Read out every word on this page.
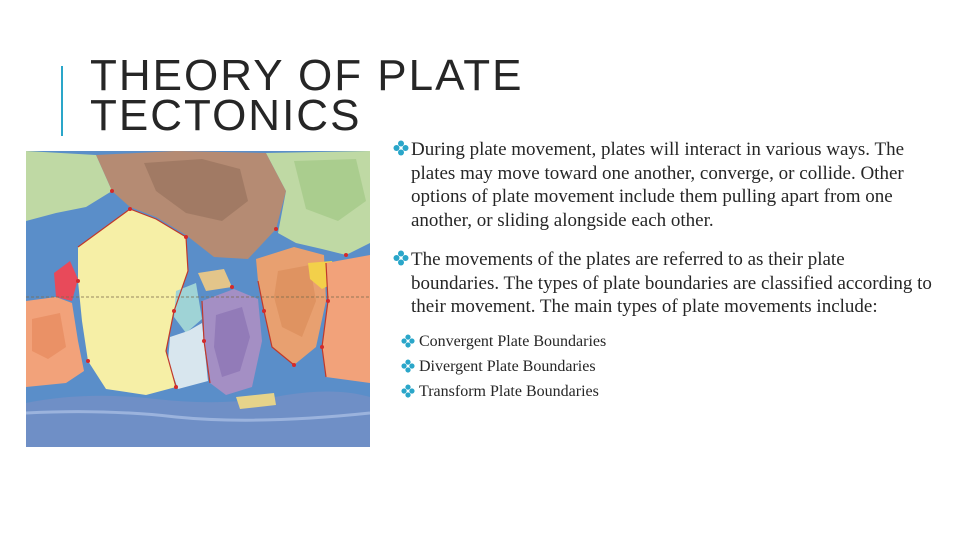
THEORY OF PLATE
TECTONICS

During plate movement, plates will interact in various ways. The plates may move toward one another, converge, or collide. Other options of plate movement include them pulling apart from one another, or sliding alongside each other.

The movements of the plates are referred to as their plate boundaries. The types of plate boundaries are classified according to their movement. The main types of plate movements include:

Convergent Plate Boundaries
Divergent Plate Boundaries
Transform Plate Boundaries
